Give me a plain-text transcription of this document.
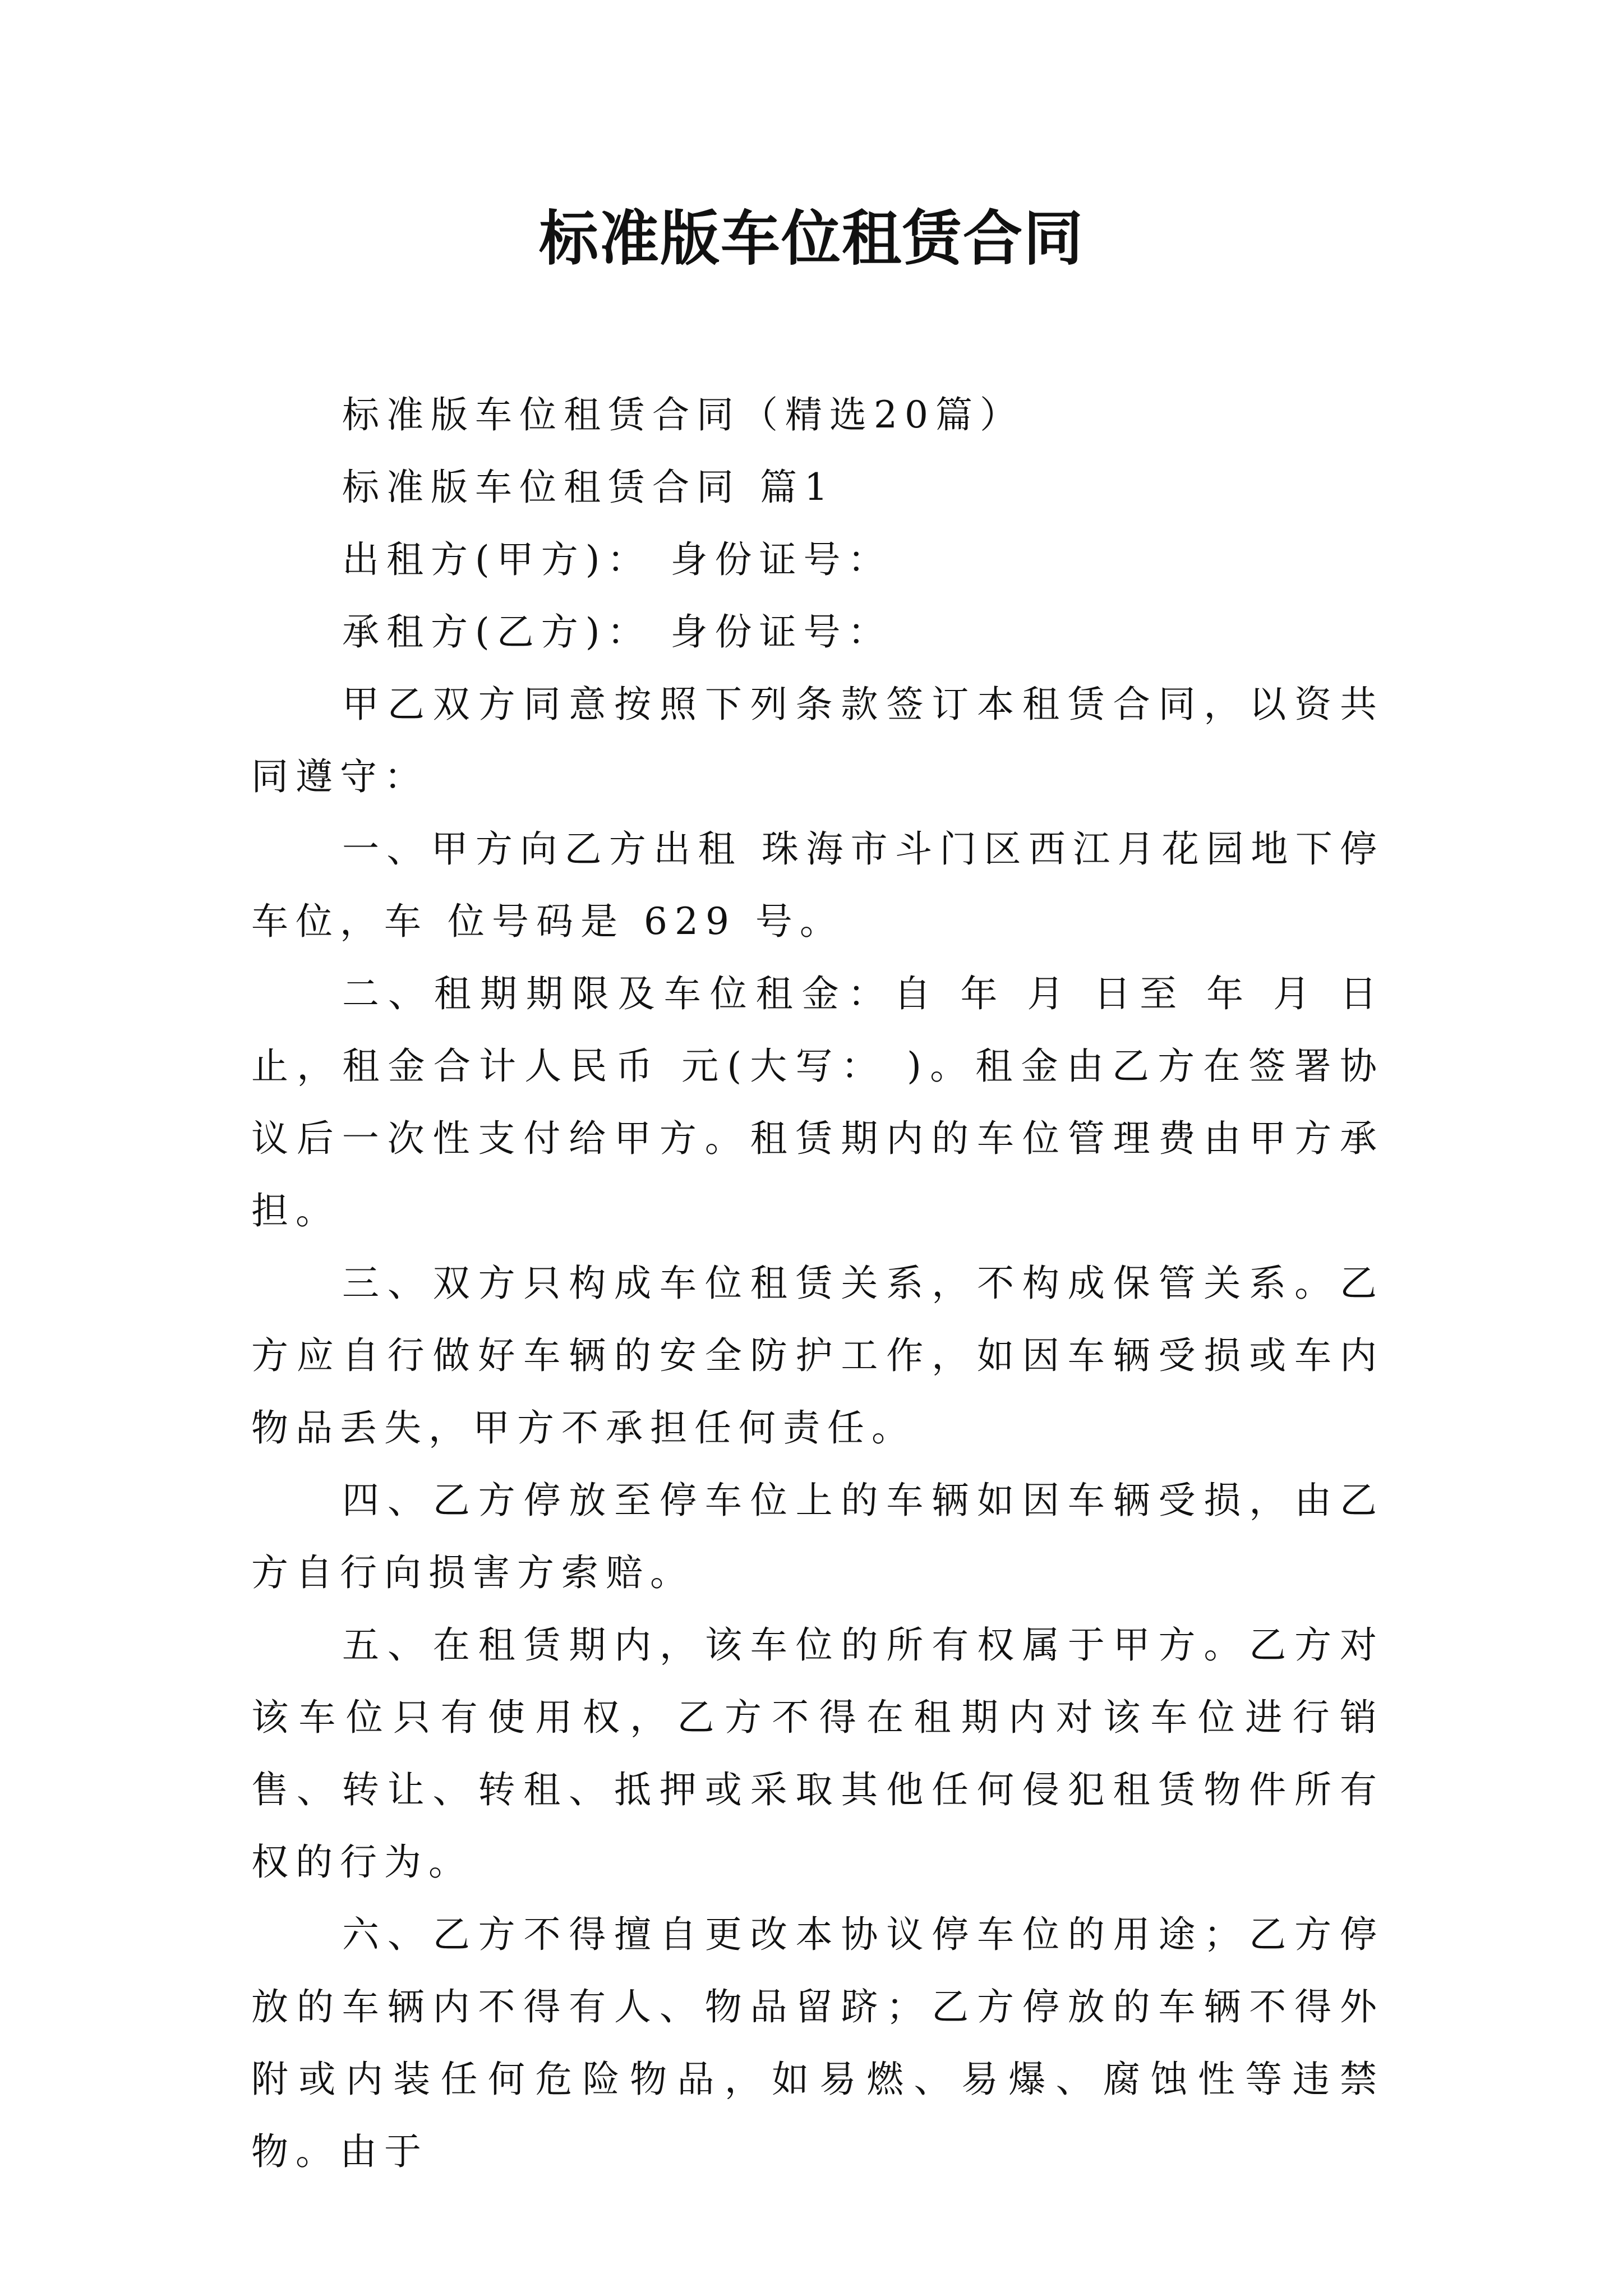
标准版车位租赁合同

标准版车位租赁合同（精选20篇）

标准版车位租赁合同 篇1

出租方(甲方)： 身份证号：

承租方(乙方)： 身份证号：

甲乙双方同意按照下列条款签订本租赁合同，以资共同遵守：

一、甲方向乙方出租 珠海市斗门区西江月花园地下停车位，车 位号码是 629 号。

二、租期期限及车位租金：自 年 月 日至 年 月 日止，租金合计人民币 元(大写： )。租金由乙方在签署协议后一次性支付给甲方。租赁期内的车位管理费由甲方承担。

三、双方只构成车位租赁关系，不构成保管关系。乙方应自行做好车辆的安全防护工作，如因车辆受损或车内物品丢失，甲方不承担任何责任。

四、乙方停放至停车位上的车辆如因车辆受损，由乙方自行向损害方索赔。

五、在租赁期内，该车位的所有权属于甲方。乙方对该车位只有使用权，乙方不得在租期内对该车位进行销售、转让、转租、抵押或采取其他任何侵犯租赁物件所有权的行为。

六、乙方不得擅自更改本协议停车位的用途；乙方停放的车辆内不得有人、物品留跻；乙方停放的车辆不得外附或内装任何危险物品，如易燃、易爆、腐蚀性等违禁物。由于
